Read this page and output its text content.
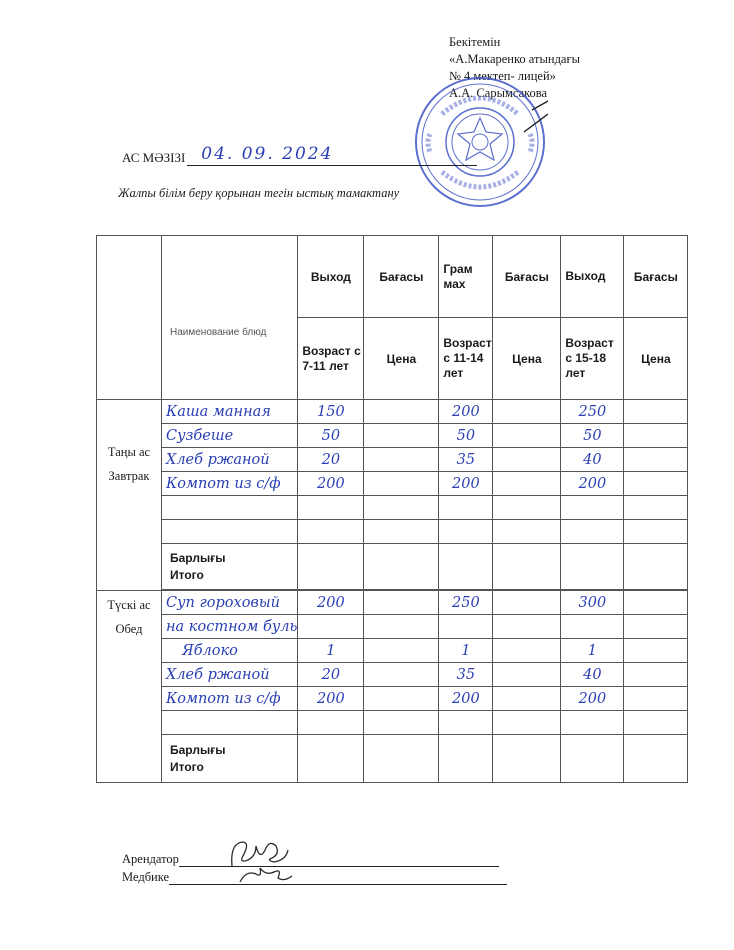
Бекітемін
«А.Макаренко атындағы
№ 4 мектеп- лицей»
А.А. Сарымсакова
АС МӘЗІЗІ 04. 09. 2024
Жалпы білім беру қорынан тегін ыстық тамактану
	Наименование блюд	Выход	Бағасы	Грам мах	Бағасы	Выход	Бағасы
		Возраст с 7-11 лет	Цена	Возраст с 11-14 лет	Цена	Возраст с 15-18 лет	Цена

Таңы ас
Завтрак	Каша манная	150		200		250	
	Сузбеше	50		50		50	
	Хлеб ржаной	20		35		40	
	Компот из с/ф	200		200		200	

	Барлығы
Итого						

Түскі ас
Обед	Суп гороховый	200		250		300	
	на костном буль						
	Яблоко	1		1		1	
	Хлеб ржаной	20		35		40	
	Компот из с/ф	200		200		200	

	Барлығы
Итого						

Арендатор
Медбике
